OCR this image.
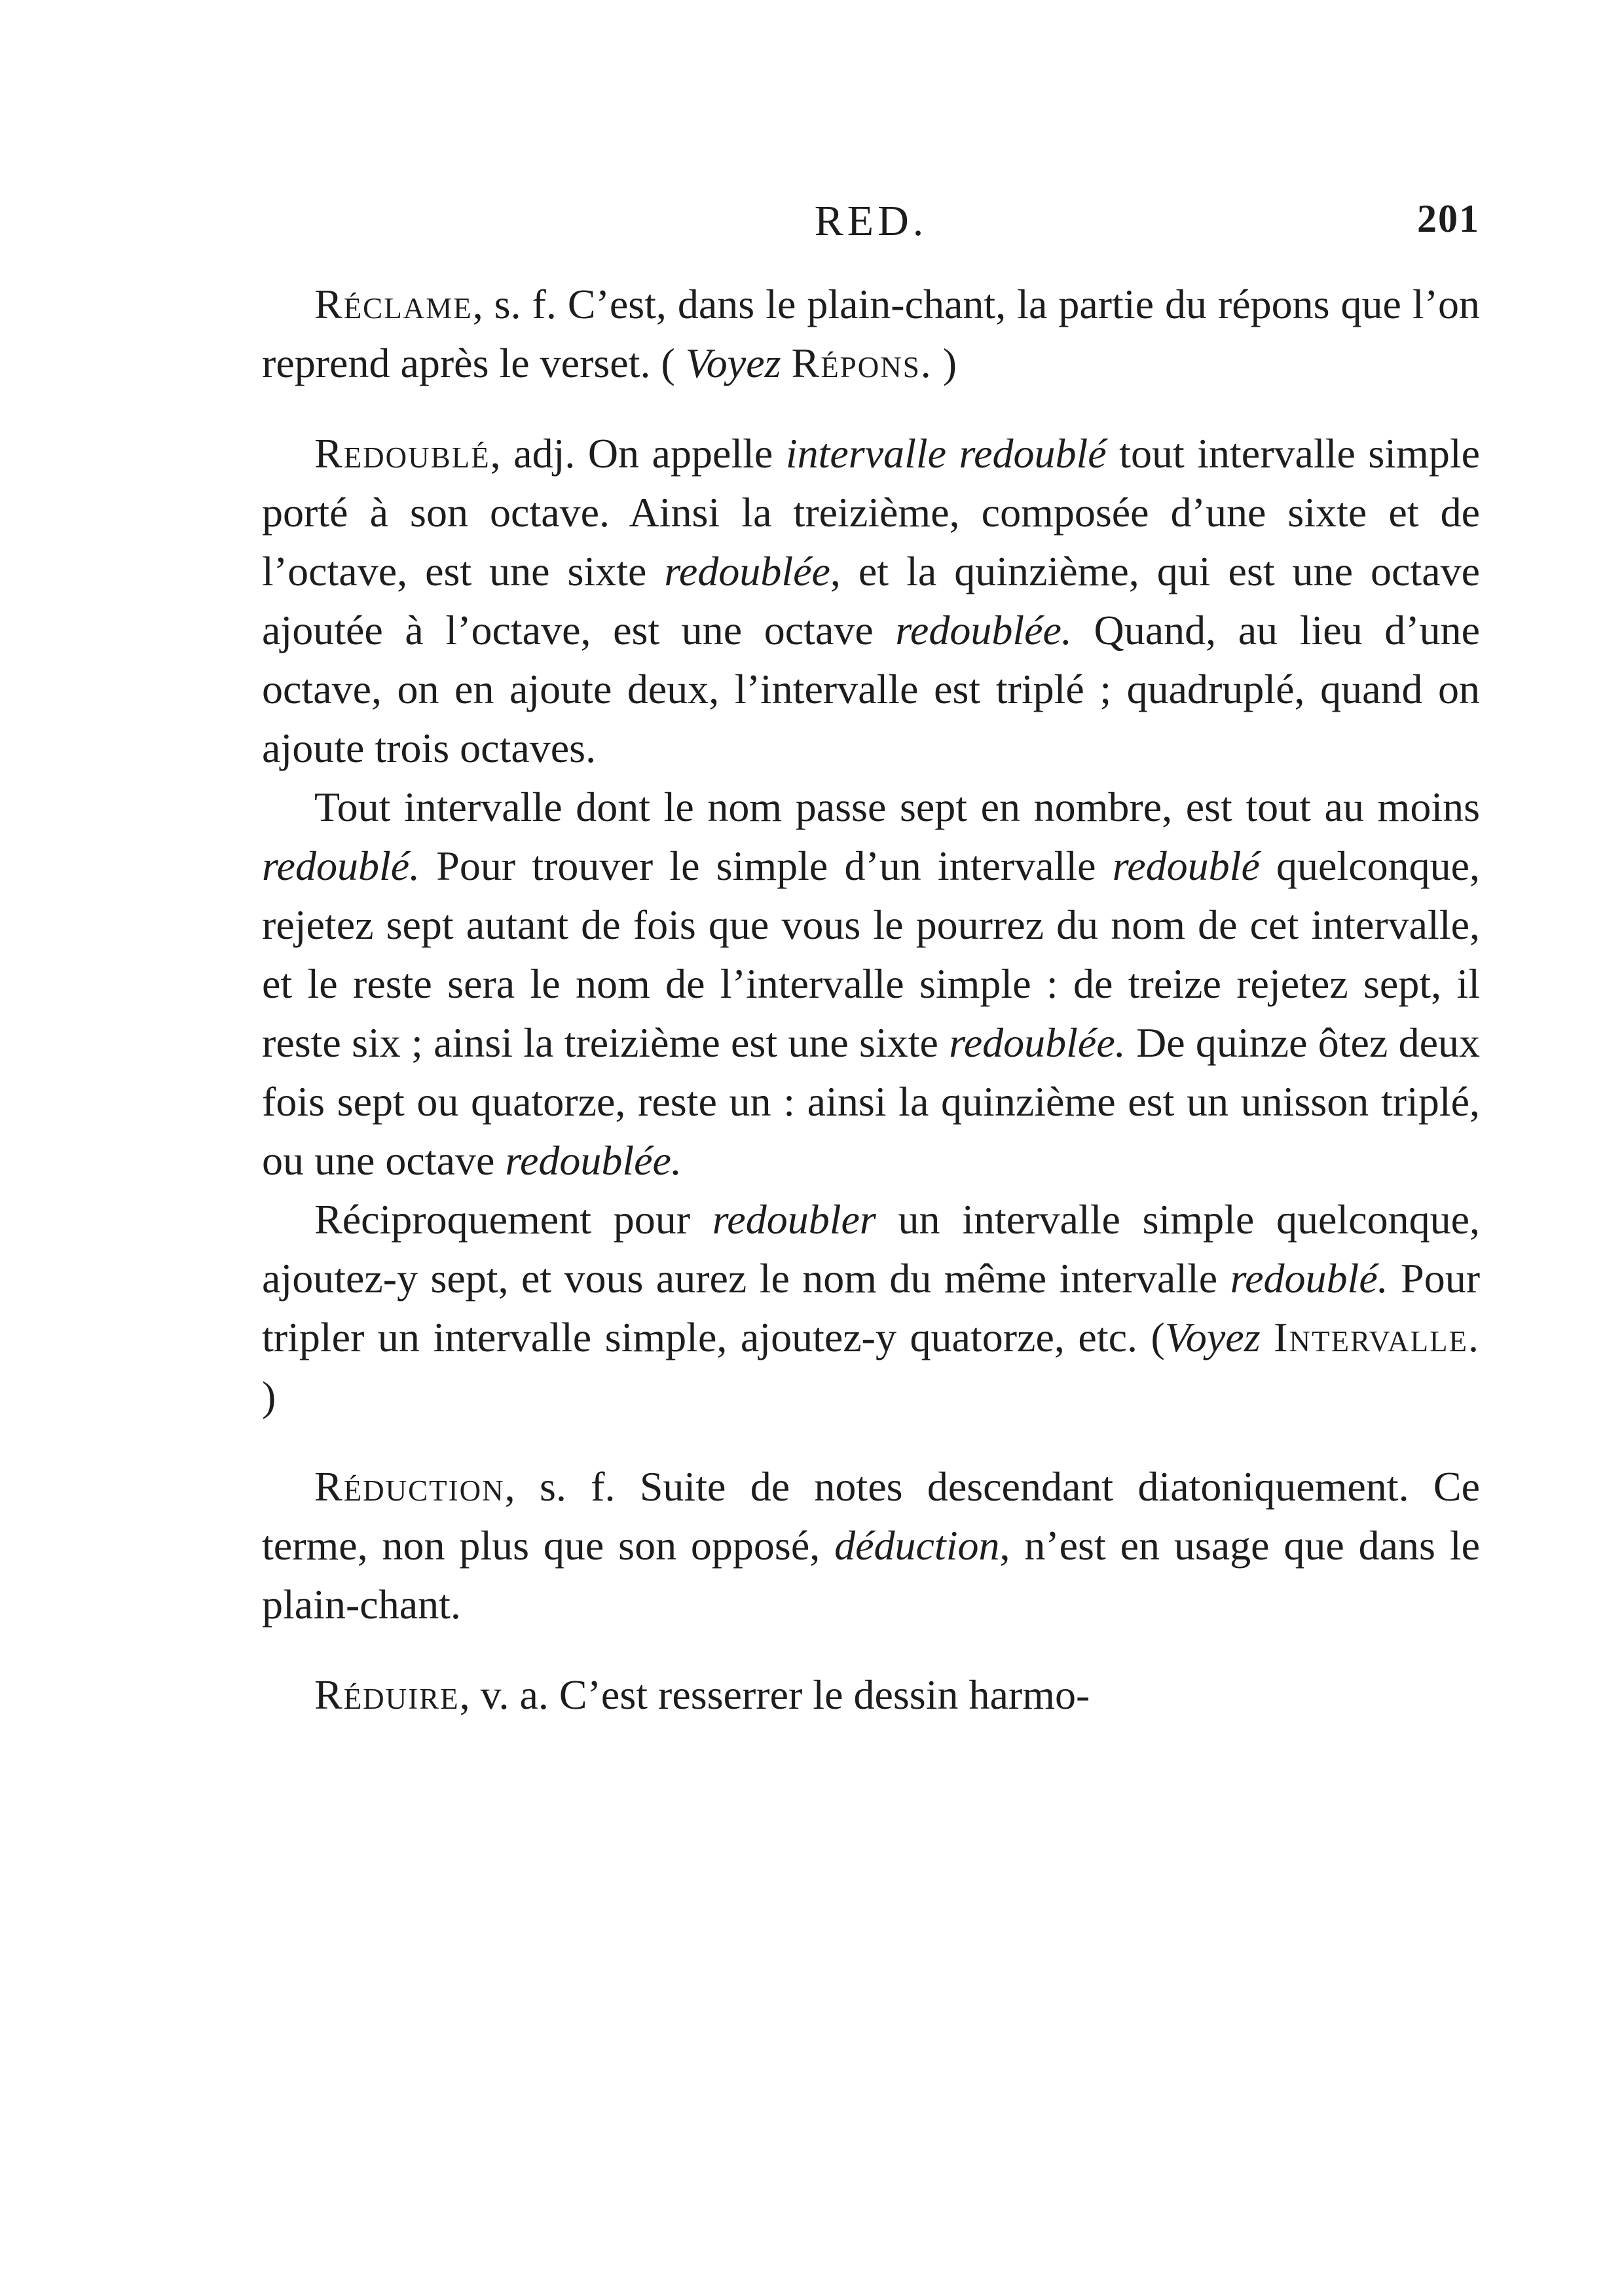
RED.	201

Réclame, s. f. C’est, dans le plain-chant, la partie du répons que l’on reprend après le verset. ( Voyez Répons. )

Redoublé, adj. On appelle intervalle redoublé tout intervalle simple porté à son octave. Ainsi la treizième, composée d’une sixte et de l’octave, est une sixte redoublée, et la quinzième, qui est une octave ajoutée à l’octave, est une octave redoublée. Quand, au lieu d’une octave, on en ajoute deux, l’intervalle est triplé ; quadruplé, quand on ajoute trois octaves.

Tout intervalle dont le nom passe sept en nombre, est tout au moins redoublé. Pour trouver le simple d’un intervalle redoublé quelconque, rejetez sept autant de fois que vous le pourrez du nom de cet intervalle, et le reste sera le nom de l’intervalle simple : de treize rejetez sept, il reste six ; ainsi la treizième est une sixte redoublée. De quinze ôtez deux fois sept ou quatorze, reste un : ainsi la quinzième est un unisson triplé, ou une octave redoublée.

Réciproquement pour redoubler un intervalle simple quelconque, ajoutez-y sept, et vous aurez le nom du même intervalle redoublé. Pour tripler un intervalle simple, ajoutez-y quatorze, etc. (Voyez Intervalle. )

Réduction, s. f. Suite de notes descendant diatoniquement. Ce terme, non plus que son opposé, déduction, n’est en usage que dans le plain-chant.

Réduire, v. a. C’est resserrer le dessin harmo-
